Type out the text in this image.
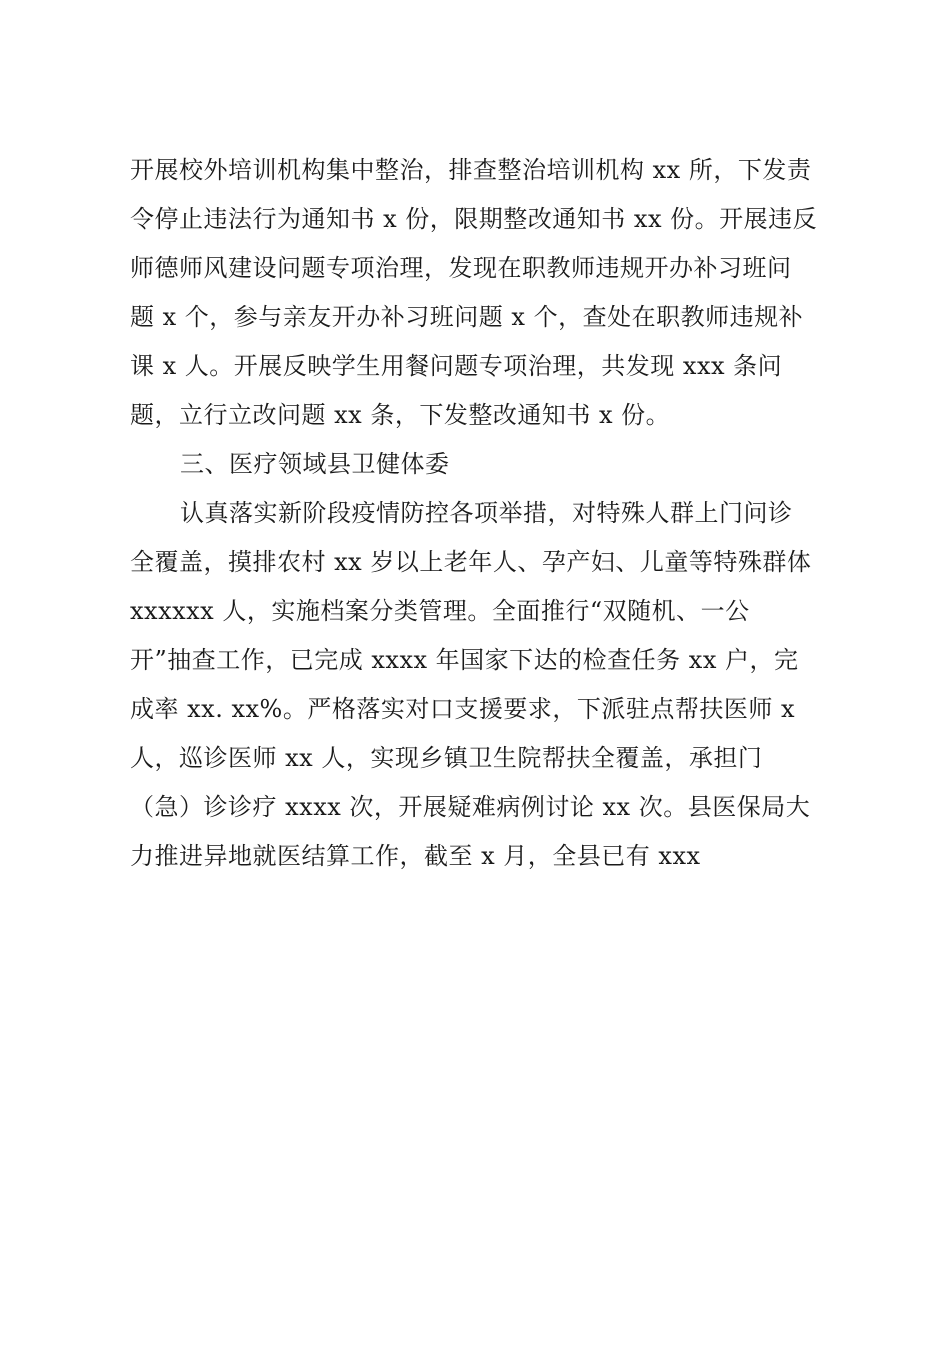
开展校外培训机构集中整治，排查整治培训机构 xx 所，下发责
令停止违法行为通知书 x 份，限期整改通知书 xx 份。开展违反
师德师风建设问题专项治理，发现在职教师违规开办补习班问
题 x 个，参与亲友开办补习班问题 x 个，查处在职教师违规补
课 x 人。开展反映学生用餐问题专项治理，共发现 xxx 条问
题，立行立改问题 xx 条，下发整改通知书 x 份。
三、医疗领域县卫健体委
认真落实新阶段疫情防控各项举措，对特殊人群上门问诊
全覆盖，摸排农村 xx 岁以上老年人、孕产妇、儿童等特殊群体
xxxxxx 人，实施档案分类管理。全面推行“双随机、一公
开”抽查工作，已完成 xxxx 年国家下达的检查任务 xx 户，完
成率 xx. xx%。严格落实对口支援要求，下派驻点帮扶医师 x
人，巡诊医师 xx 人，实现乡镇卫生院帮扶全覆盖，承担门
（急）诊诊疗 xxxx 次，开展疑难病例讨论 xx 次。县医保局大
力推进异地就医结算工作，截至 x 月，全县已有 xxx
